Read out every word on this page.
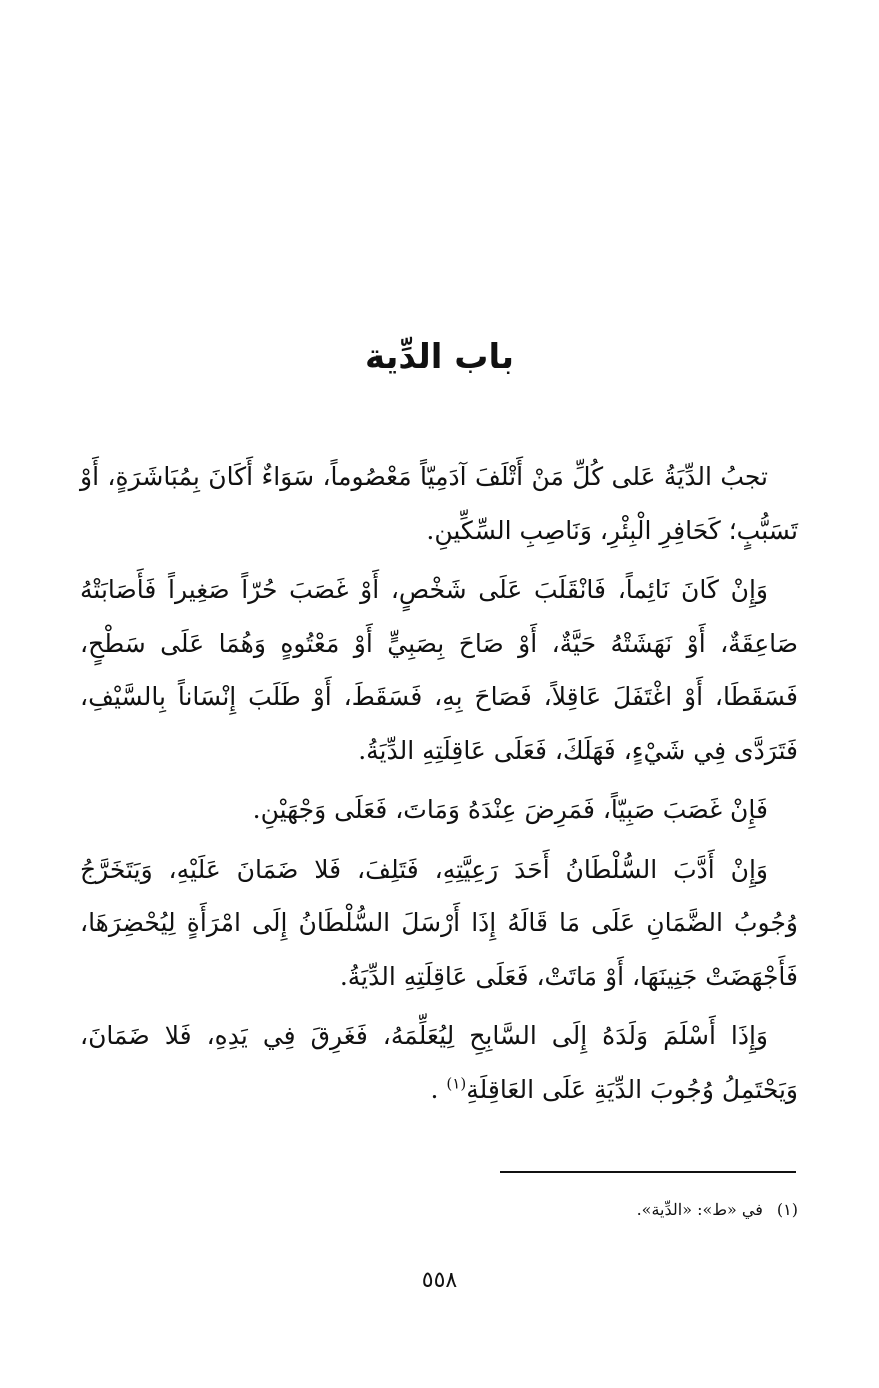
باب الدِّية

تجبُ الدِّيَةُ عَلى كُلِّ مَنْ أَتْلَفَ آدَمِيّاً مَعْصُوماً، سَوَاءٌ أَكَانَ بِمُبَاشَرَةٍ، أَوْ تَسَبُّبٍ؛ كَحَافِرِ الْبِئْرِ، وَنَاصِبِ السِّكِّينِ.

وَإِنْ كَانَ نَائِماً، فَانْقَلَبَ عَلَى شَخْصٍ، أَوْ غَصَبَ حُرّاً صَغِيراً فَأَصَابَتْهُ صَاعِقَةٌ، أَوْ نَهَشَتْهُ حَيَّةٌ، أَوْ صَاحَ بِصَبِيٍّ أَوْ مَعْتُوهٍ وَهُمَا عَلَى سَطْحٍ، فَسَقَطَا، أَوْ اغْتَفَلَ عَاقِلاً، فَصَاحَ بِهِ، فَسَقَطَ، أَوْ طَلَبَ إِنْسَاناً بِالسَّيْفِ، فَتَرَدَّى فِي شَيْءٍ، فَهَلَكَ، فَعَلَى عَاقِلَتِهِ الدِّيَةُ.

فَإِنْ غَصَبَ صَبِيّاً، فَمَرِضَ عِنْدَهُ وَمَاتَ، فَعَلَى وَجْهَيْنِ.

وَإِنْ أَدَّبَ السُّلْطَانُ أَحَدَ رَعِيَّتِهِ، فَتَلِفَ، فَلا ضَمَانَ عَلَيْهِ، وَيَتَخَرَّجُ وُجُوبُ الضَّمَانِ عَلَى مَا قَالَهُ إِذَا أَرْسَلَ السُّلْطَانُ إِلَى امْرَأَةٍ لِيُحْضِرَهَا، فَأَجْهَضَتْ جَنِينَهَا، أَوْ مَاتَتْ، فَعَلَى عَاقِلَتِهِ الدِّيَةُ.

وَإِذَا أَسْلَمَ وَلَدَهُ إِلَى السَّابِحِ لِيُعَلِّمَهُ، فَغَرِقَ فِي يَدِهِ، فَلا ضَمَانَ، وَيَحْتَمِلُ وُجُوبَ الدِّيَةِ عَلَى العَاقِلَةِ$^{(١)}$ .

(١)
في «ط»: «الدِّية».
٥٥٨
